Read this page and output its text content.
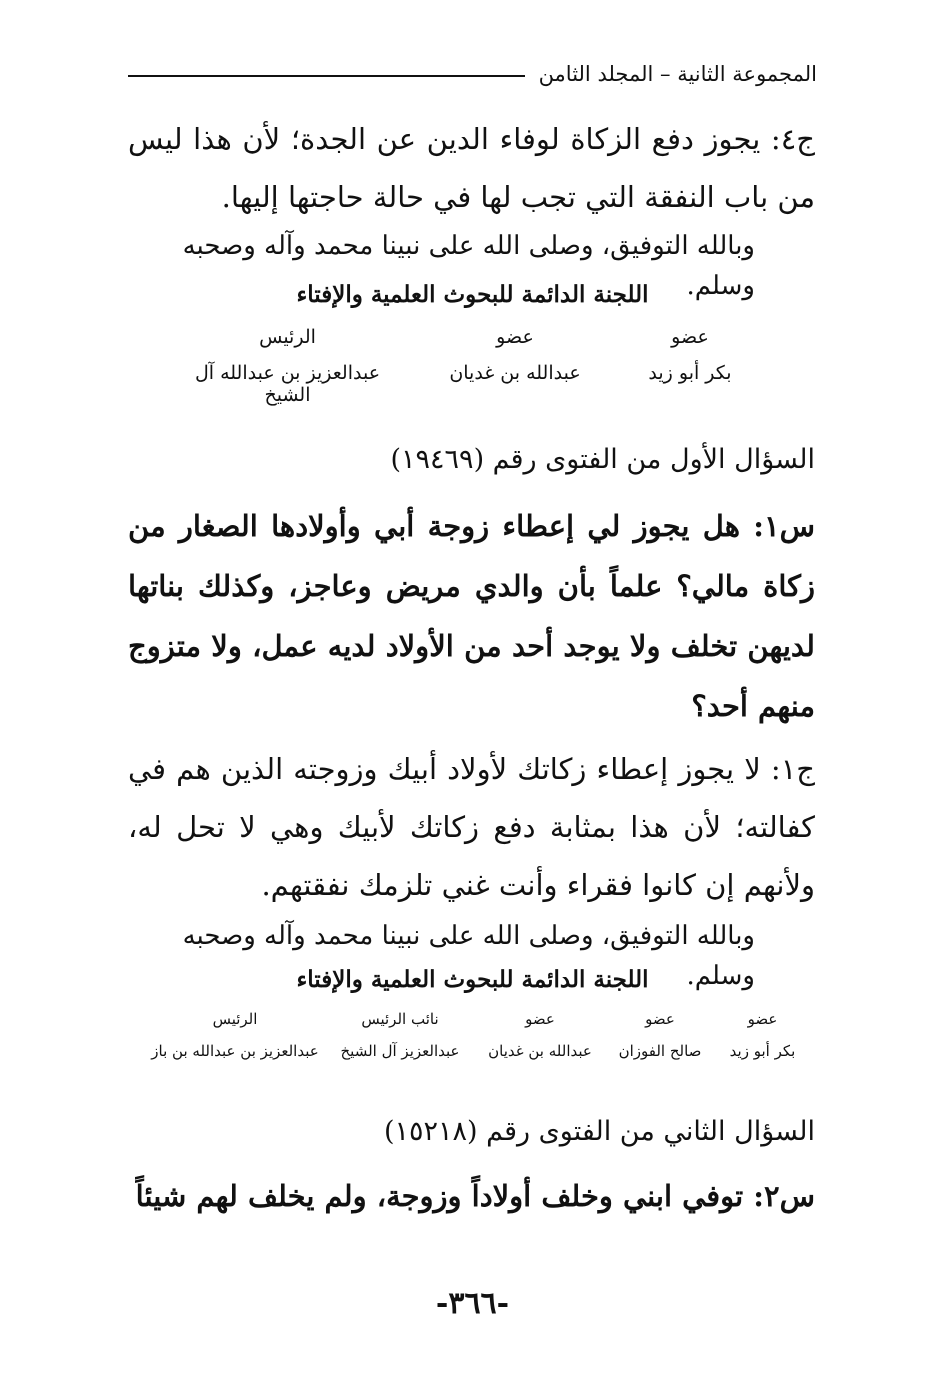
المجموعة الثانية – المجلد الثامن
ج٤: يجوز دفع الزكاة لوفاء الدين عن الجدة؛ لأن هذا ليس من باب النفقة التي تجب لها في حالة حاجتها إليها.
وبالله التوفيق، وصلى الله على نبينا محمد وآله وصحبه وسلم.
اللجنة الدائمة للبحوث العلمية والإفتاء
عضو
بكر أبو زيد
عضو
عبدالله بن غديان
الرئيس
عبدالعزيز بن عبدالله آل الشيخ
السؤال الأول من الفتوى رقم (١٩٤٦٩)
س١: هل يجوز لي إعطاء زوجة أبي وأولادها الصغار من زكاة مالي؟ علماً بأن والدي مريض وعاجز، وكذلك بناتها لديهن تخلف ولا يوجد أحد من الأولاد لديه عمل، ولا متزوج منهم أحد؟
ج١: لا يجوز إعطاء زكاتك لأولاد أبيك وزوجته الذين هم في كفالته؛ لأن هذا بمثابة دفع زكاتك لأبيك وهي لا تحل له، ولأنهم إن كانوا فقراء وأنت غني تلزمك نفقتهم.
وبالله التوفيق، وصلى الله على نبينا محمد وآله وصحبه وسلم.
اللجنة الدائمة للبحوث العلمية والإفتاء
عضو
بكر أبو زيد
عضو
صالح الفوزان
عضو
عبدالله بن غديان
نائب الرئيس
عبدالعزيز آل الشيخ
الرئيس
عبدالعزيز بن عبدالله بن باز
السؤال الثاني من الفتوى رقم (١٥٢١٨)
س٢: توفي ابني وخلف أولاداً وزوجة، ولم يخلف لهم شيئاً
-٣٦٦-
